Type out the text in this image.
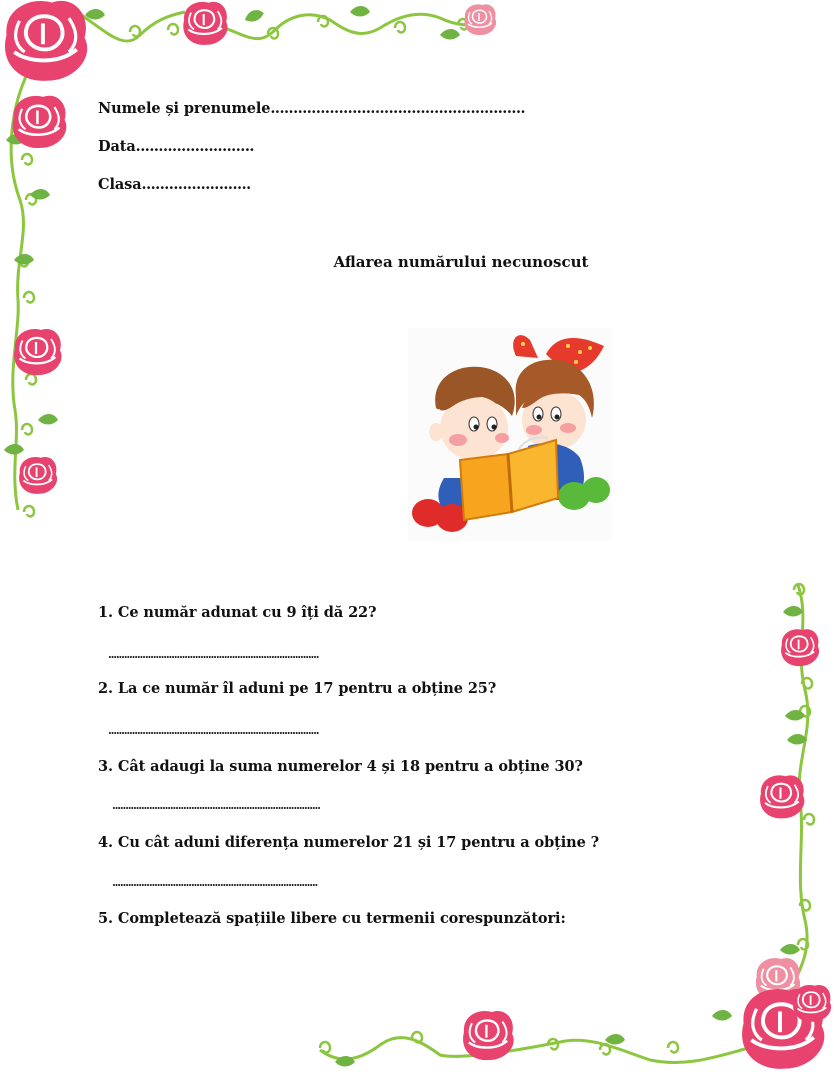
Numele și prenumele........................................................
Data..........................
Clasa........................
Aflarea numărului necunoscut
1. Ce număr adunat cu 9 îți dă 22?
................................................................................
2. La ce număr îl aduni pe 17 pentru a obține 25?
................................................................................
3. Cât adaugi la suma numerelor 4 și 18 pentru a obține 30?
...............................................................................
4. Cu cât aduni diferența numerelor 21 și 17 pentru a obține ?
..............................................................................
5. Completează spațiile libere cu termenii corespunzători:
